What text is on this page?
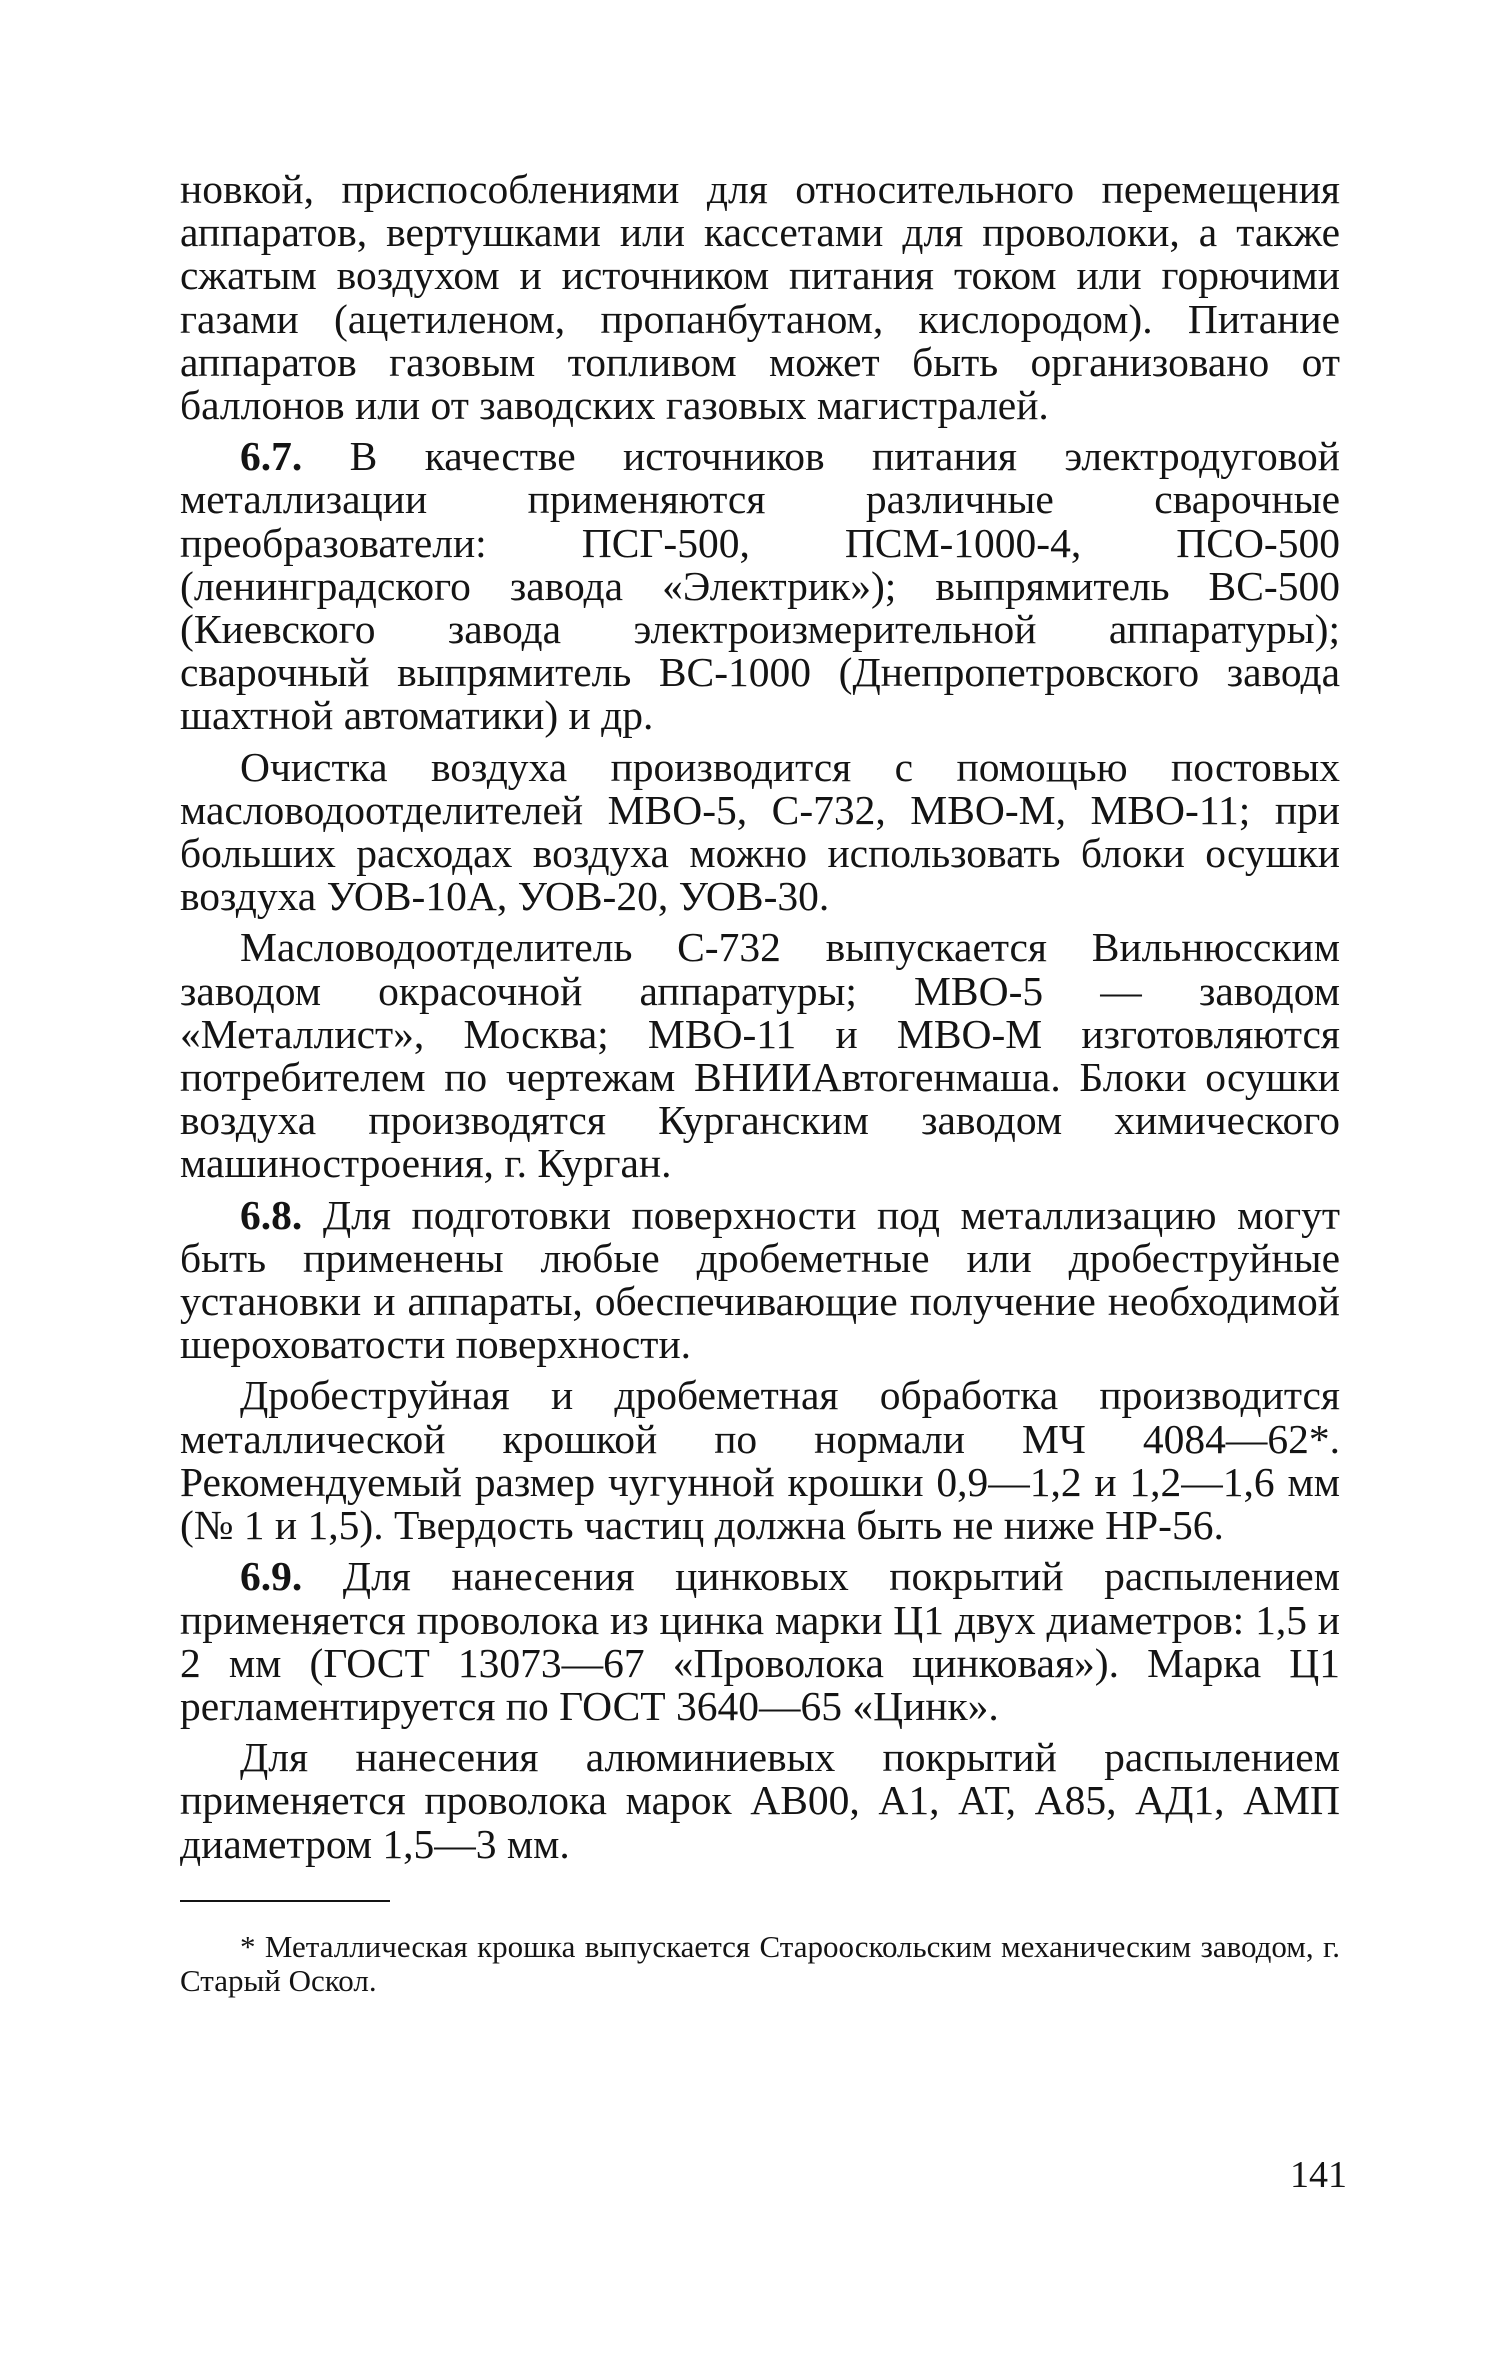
новкой, приспособлениями для относительного перемещения аппаратов, вертушками или кассетами для проволоки, а также сжатым воздухом и источником питания током или горючими газами (ацетиленом, пропанбутаном, кислородом). Питание аппаратов газовым топливом может быть организовано от баллонов или от заводских газовых магистралей.

6.7. В качестве источников питания электродуговой металлизации применяются различные сварочные преобразователи: ПСГ-500, ПСМ-1000-4, ПСО-500 (ленинградского завода «Электрик»); выпрямитель ВС-500 (Киевского завода электроизмерительной аппаратуры); сварочный выпрямитель ВС-1000 (Днепропетровского завода шахтной автоматики) и др.

Очистка воздуха производится с помощью постовых масловодоотделителей МВО-5, С-732, МВО-М, МВО-11; при больших расходах воздуха можно использовать блоки осушки воздуха УОВ-10А, УОВ-20, УОВ-30.

Масловодоотделитель С-732 выпускается Вильнюсским заводом окрасочной аппаратуры; МВО-5 — заводом «Металлист», Москва; МВО-11 и МВО-М изготовляются потребителем по чертежам ВНИИАвтогенмаша. Блоки осушки воздуха производятся Курганским заводом химического машиностроения, г. Курган.

6.8. Для подготовки поверхности под металлизацию могут быть применены любые дробеметные или дробеструйные установки и аппараты, обеспечивающие получение необходимой шероховатости поверхности.

Дробеструйная и дробеметная обработка производится металлической крошкой по нормали МЧ 4084—62*. Рекомендуемый размер чугунной крошки 0,9—1,2 и 1,2—1,6 мм (№ 1 и 1,5). Твердость частиц должна быть не ниже НР-56.

6.9. Для нанесения цинковых покрытий распылением применяется проволока из цинка марки Ц1 двух диаметров: 1,5 и 2 мм (ГОСТ 13073—67 «Проволока цинковая»). Марка Ц1 регламентируется по ГОСТ 3640—65 «Цинк».

Для нанесения алюминиевых покрытий распылением применяется проволока марок АВ00, А1, АТ, А85, АД1, АМП диаметром 1,5—3 мм.

* Металлическая крошка выпускается Старооскольским механическим заводом, г. Старый Оскол.

141
